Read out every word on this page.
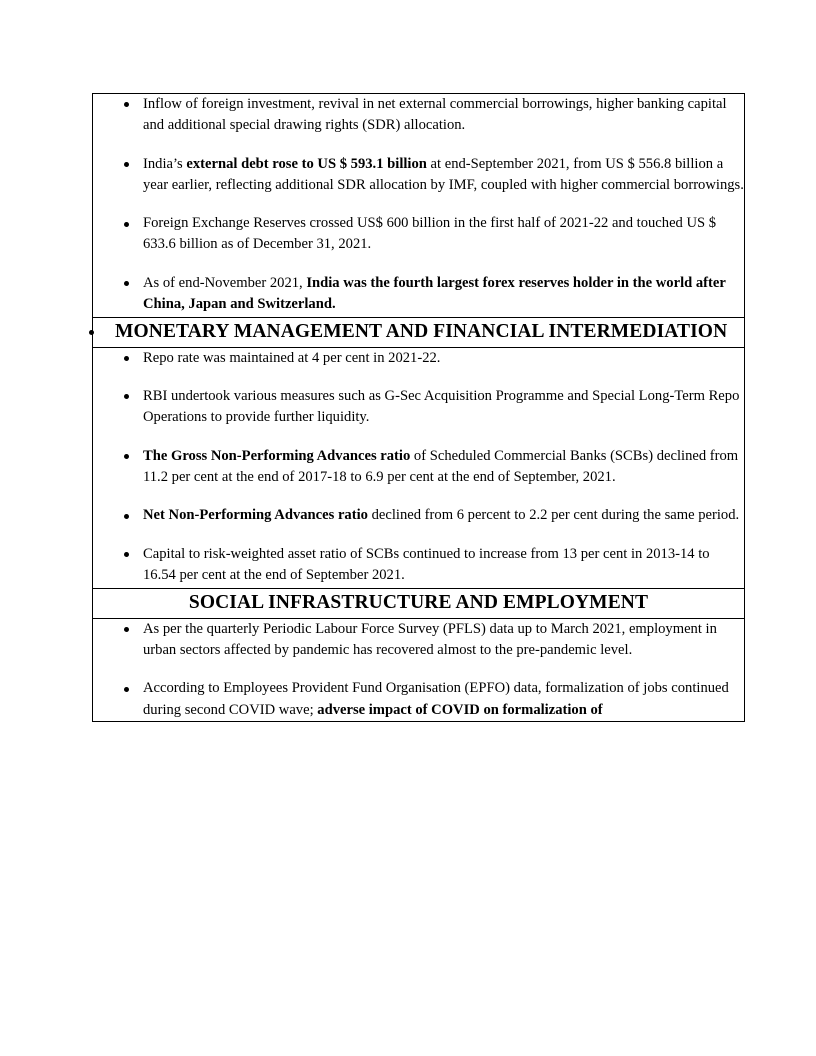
Inflow of foreign investment, revival in net external commercial borrowings, higher banking capital and additional special drawing rights (SDR) allocation.
India’s external debt rose to US $ 593.1 billion at end-September 2021, from US $ 556.8 billion a year earlier, reflecting additional SDR allocation by IMF, coupled with higher commercial borrowings.
Foreign Exchange Reserves crossed US$ 600 billion in the first half of 2021-22 and touched US $ 633.6 billion as of December 31, 2021.
As of end-November 2021, India was the fourth largest forex reserves holder in the world after China, Japan and Switzerland.

MONETARY MANAGEMENT AND FINANCIAL INTERMEDIATION

Repo rate was maintained at 4 per cent in 2021-22.
RBI undertook various measures such as G-Sec Acquisition Programme and Special Long-Term Repo Operations to provide further liquidity.
The Gross Non-Performing Advances ratio of Scheduled Commercial Banks (SCBs) declined from 11.2 per cent at the end of 2017-18 to 6.9 per cent at the end of September, 2021.
Net Non-Performing Advances ratio declined from 6 percent to 2.2 per cent during the same period.
Capital to risk-weighted asset ratio of SCBs continued to increase from 13 per cent in 2013-14 to 16.54 per cent at the end of September 2021.

SOCIAL INFRASTRUCTURE AND EMPLOYMENT

As per the quarterly Periodic Labour Force Survey (PFLS) data up to March 2021, employment in urban sectors affected by pandemic has recovered almost to the pre-pandemic level.
According to Employees Provident Fund Organisation (EPFO) data, formalization of jobs continued during second COVID wave; adverse impact of COVID on formalization of
